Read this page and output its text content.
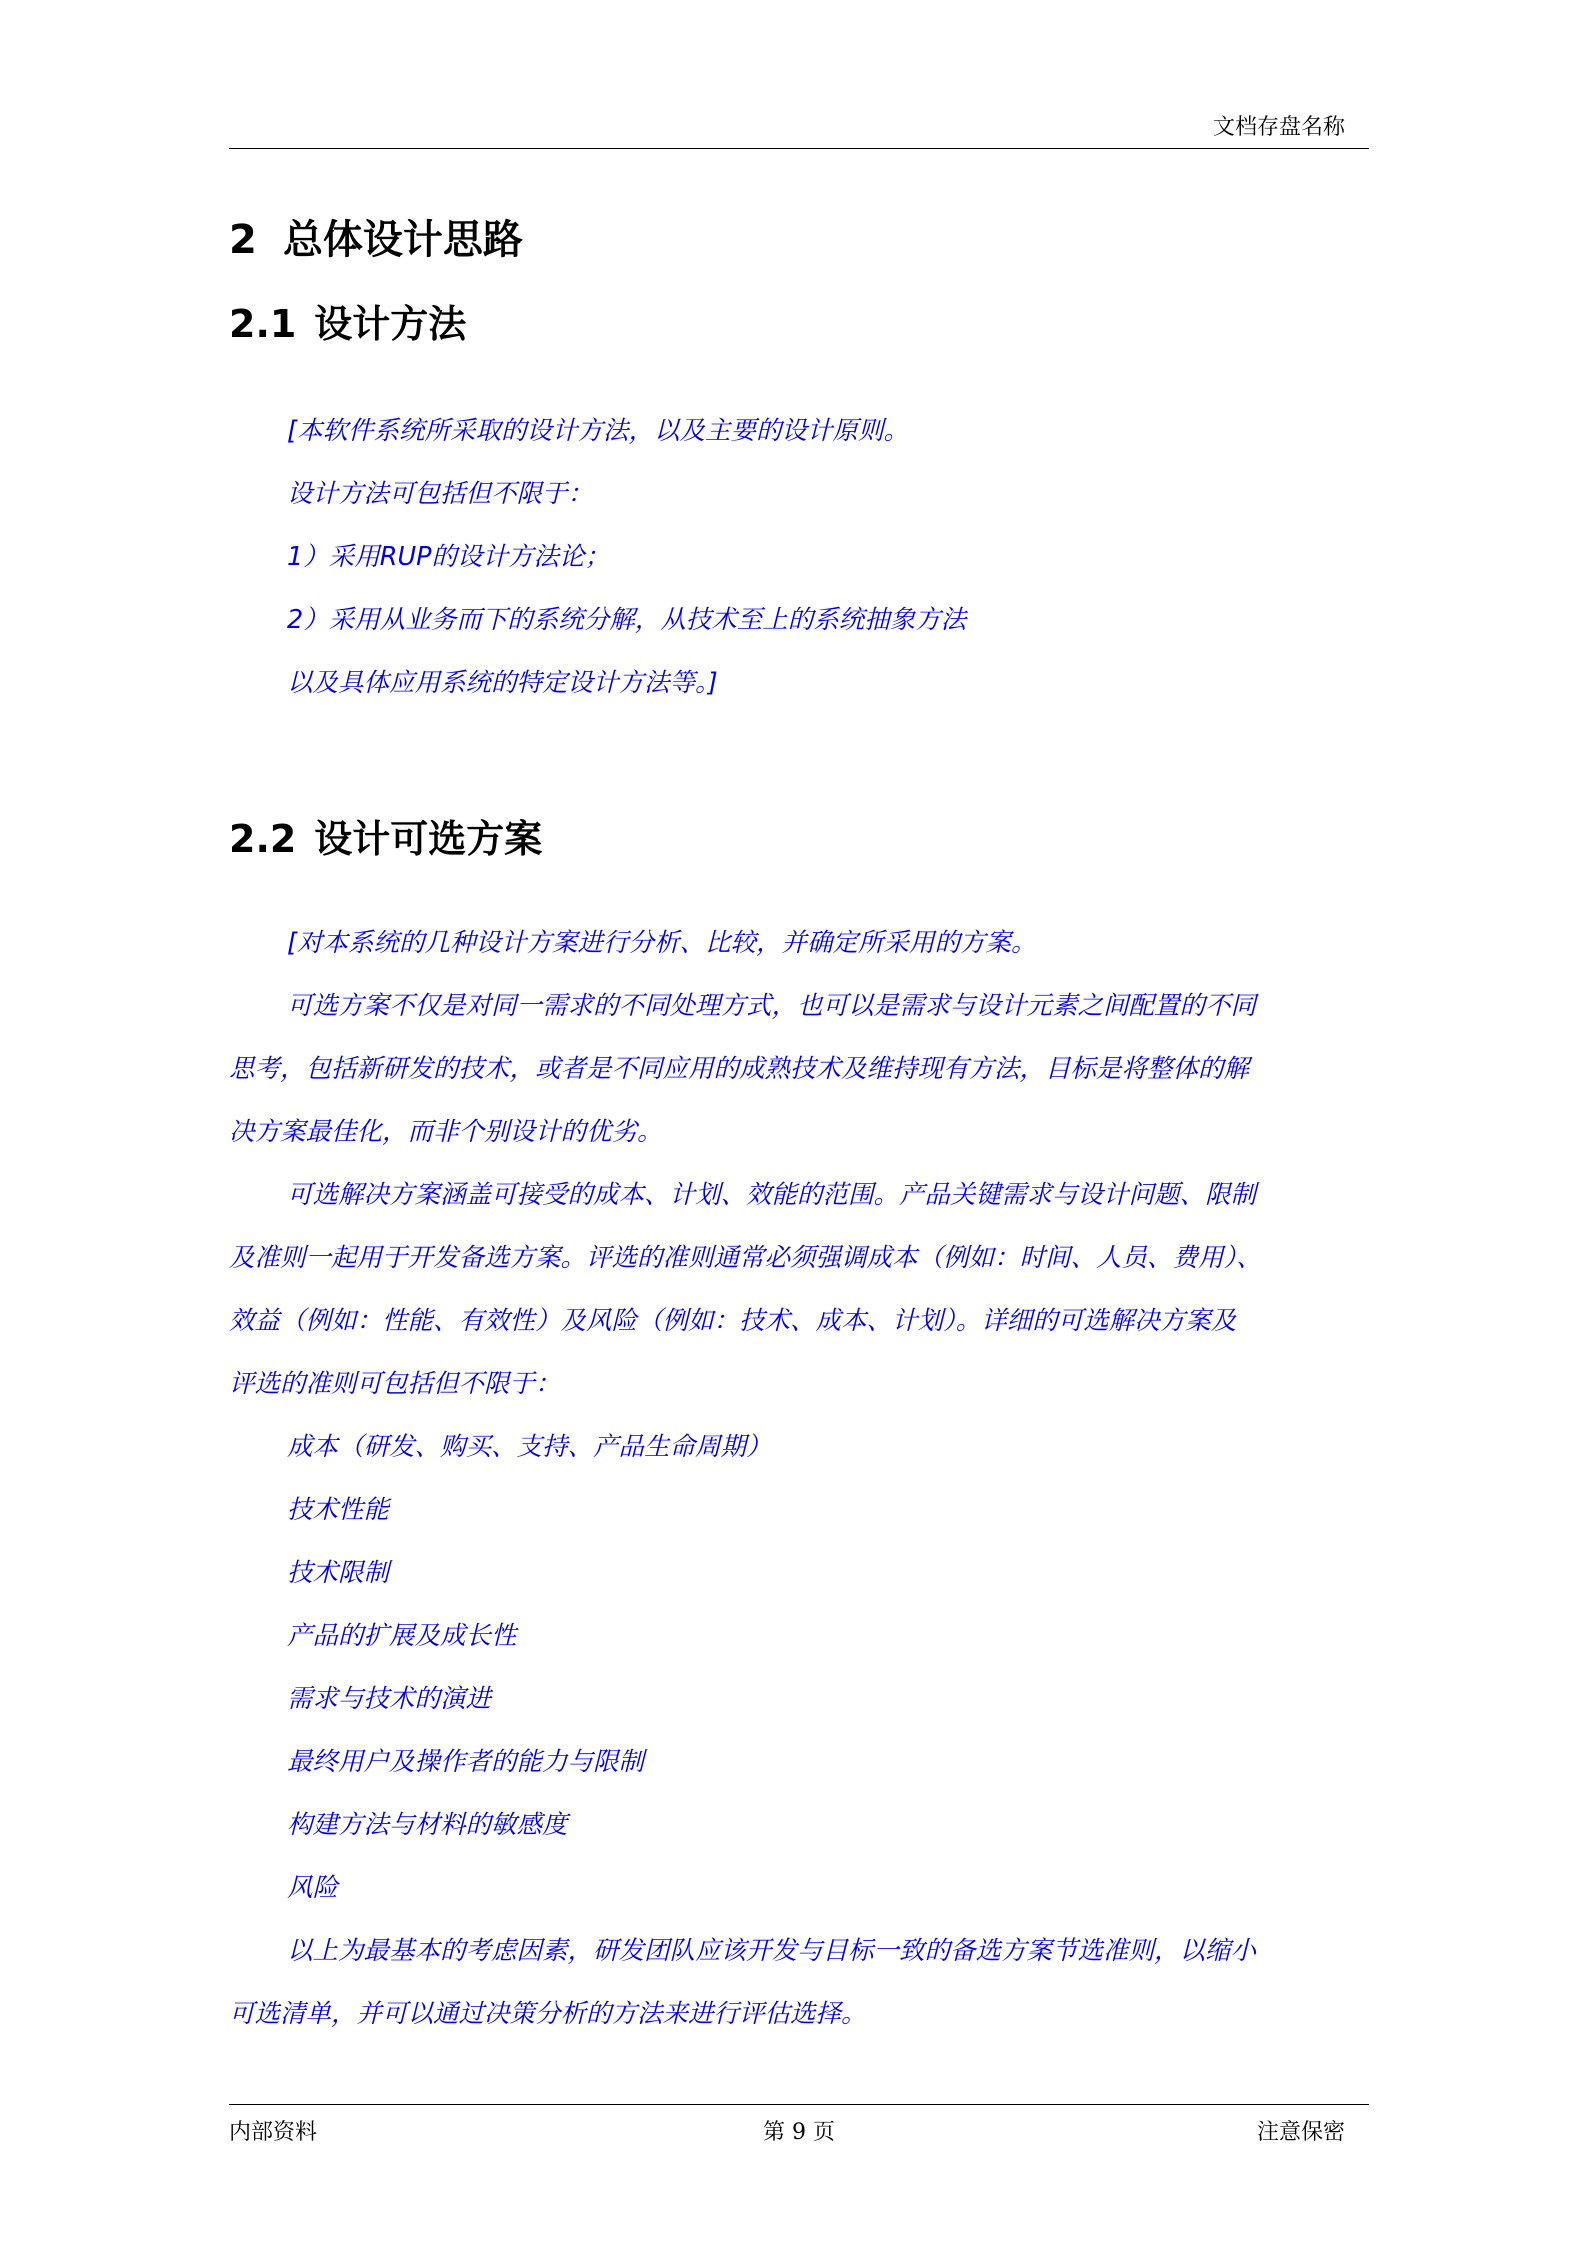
文档存盘名称
2 总体设计思路
2.1 设计方法

[本软件系统所采取的设计方法，以及主要的设计原则。

设计方法可包括但不限于：

1）采用RUP的设计方法论；

2）采用从业务而下的系统分解，从技术至上的系统抽象方法

以及具体应用系统的特定设计方法等。]

2.2 设计可选方案

[对本系统的几种设计方案进行分析、比较，并确定所采用的方案。

可选方案不仅是对同一需求的不同处理方式，也可以是需求与设计元素之间配置的不同

思考，包括新研发的技术，或者是不同应用的成熟技术及维持现有方法，目标是将整体的解

决方案最佳化，而非个别设计的优劣。

可选解决方案涵盖可接受的成本、计划、效能的范围。产品关键需求与设计问题、限制

及准则一起用于开发备选方案。评选的准则通常必须强调成本（例如：时间、人员、费用）、

效益（例如：性能、有效性）及风险（例如：技术、成本、计划）。详细的可选解决方案及

评选的准则可包括但不限于：

成本（研发、购买、支持、产品生命周期）

技术性能

技术限制

产品的扩展及成长性

需求与技术的演进

最终用户及操作者的能力与限制

构建方法与材料的敏感度

风险

以上为最基本的考虑因素，研发团队应该开发与目标一致的备选方案节选准则，以缩小

可选清单，并可以通过决策分析的方法来进行评估选择。

内部资料	第 9 页	注意保密
